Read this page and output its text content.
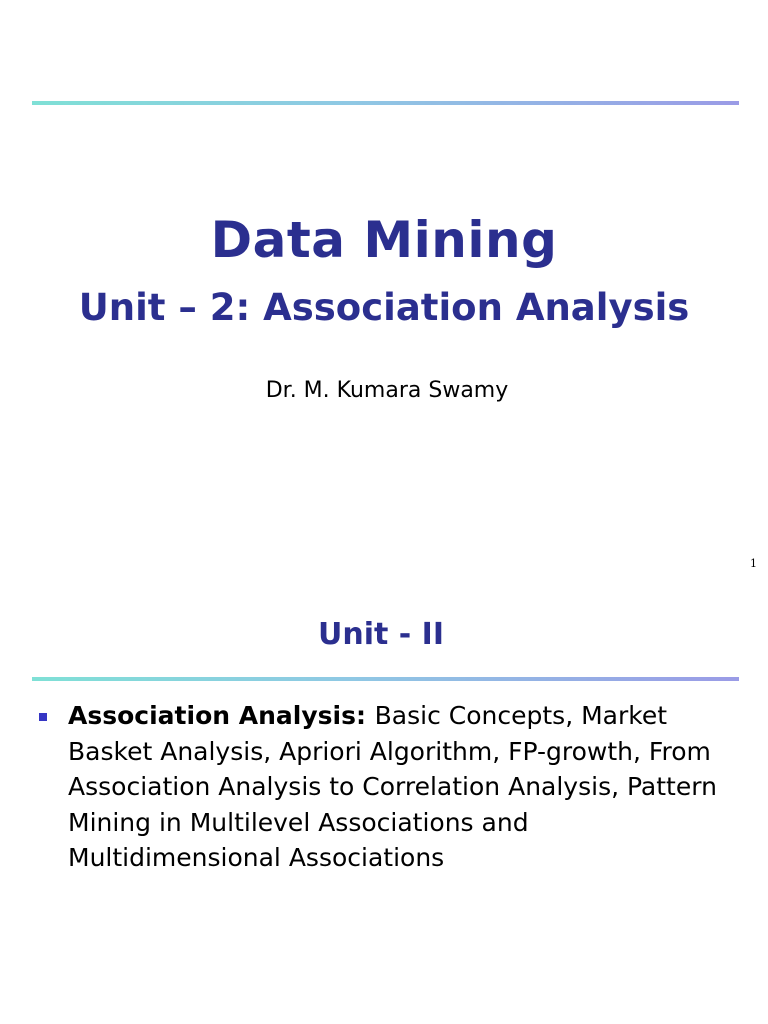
Data Mining
Unit – 2: Association Analysis
Dr. M. Kumara Swamy
1
Unit - II
Association Analysis: Basic Concepts, Market Basket Analysis, Apriori Algorithm, FP-growth, From Association Analysis to Correlation Analysis, Pattern Mining in Multilevel Associations and Multidimensional Associations
